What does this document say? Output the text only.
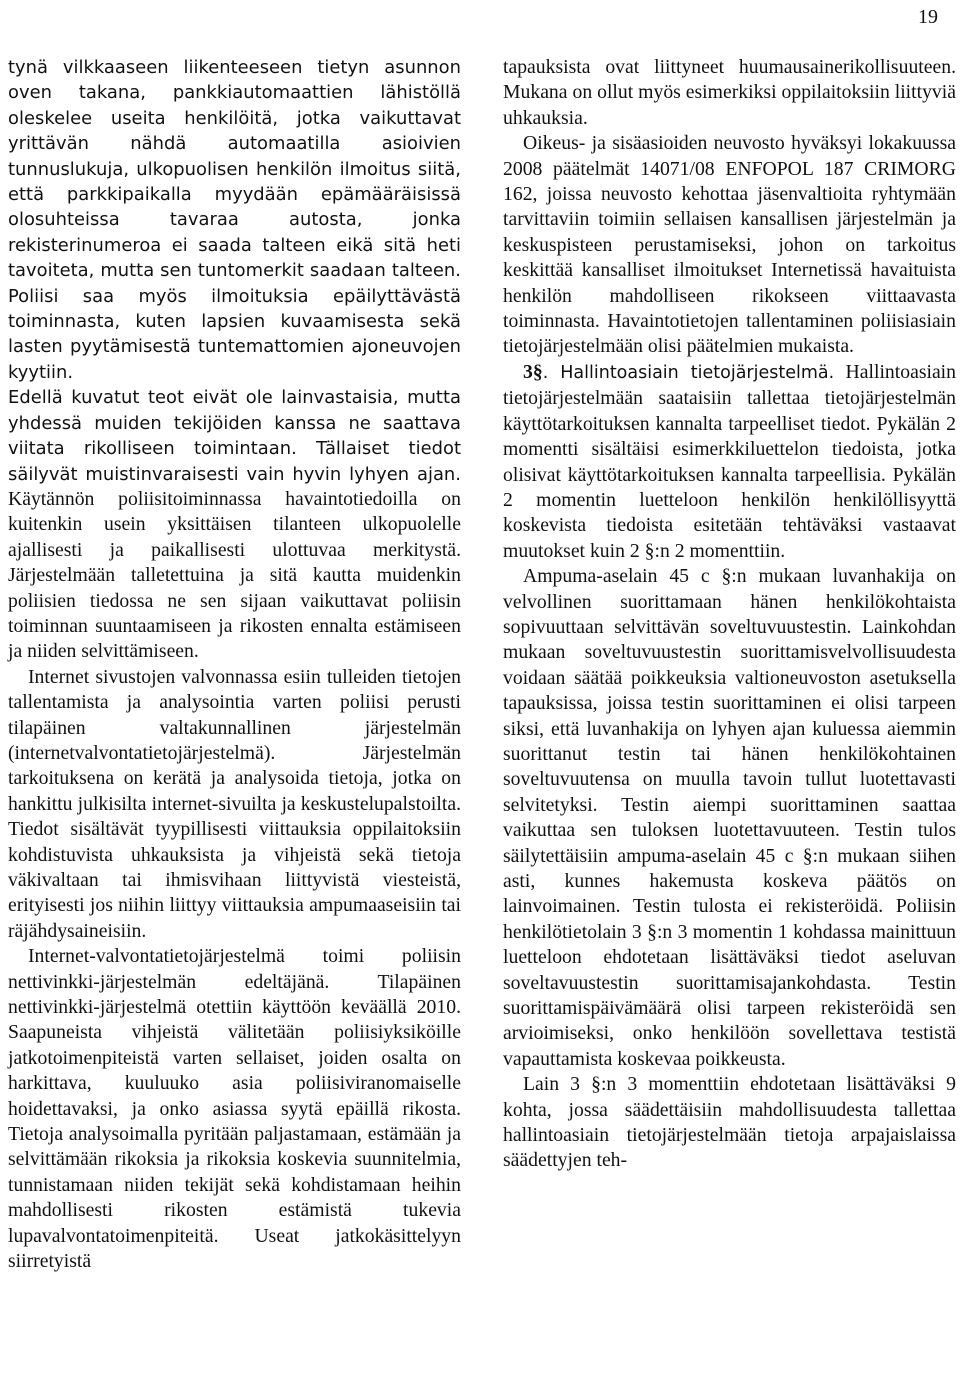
19

tynä vilkkaaseen liikenteeseen tietyn asunnon oven takana, pankkiautomaattien lähistöllä oleskelee useita henkilöitä, jotka vaikuttavat yrittävän nähdä automaatilla asioivien tunnuslukuja, ulkopuolisen henkilön ilmoitus siitä, että parkkipaikalla myydään epämääräisissä olosuhteissa tavaraa autosta, jonka rekisterinumeroa ei saada talteen eikä sitä heti tavoiteta, mutta sen tuntomerkit saadaan talteen. Poliisi saa myös ilmoituksia epäilyttävästä toiminnasta, kuten lapsien kuvaamisesta sekä lasten pyytämisestä tuntemattomien ajoneuvojen kyytiin.

Edellä kuvatut teot eivät ole lainvastaisia, mutta yhdessä muiden tekijöiden kanssa ne saattava viitata rikolliseen toimintaan. Tällaiset tiedot säilyvät muistinvaraisesti vain hyvin lyhyen ajan. Käytännön poliisitoiminnassa havaintotiedoilla on kuitenkin usein yksittäisen tilanteen ulkopuolelle ajallisesti ja paikallisesti ulottuvaa merkitystä. Järjestelmään talletettuina ja sitä kautta muidenkin poliisien tiedossa ne sen sijaan vaikuttavat poliisin toiminnan suuntaamiseen ja rikosten ennalta estämiseen ja niiden selvittämiseen.

Internet sivustojen valvonnassa esiin tulleiden tietojen tallentamista ja analysointia varten poliisi perusti tilapäinen valtakunnallinen järjestelmän (internetvalvontatietojärjestelmä). Järjestelmän tarkoituksena on kerätä ja analysoida tietoja, jotka on hankittu julkisilta internet-sivuilta ja keskustelupalstoilta. Tiedot sisältävät tyypillisesti viittauksia oppilaitoksiin kohdistuvista uhkauksista ja vihjeistä sekä tietoja väkivaltaan tai ihmisvihaan liittyvistä viesteistä, erityisesti jos niihin liittyy viittauksia ampumaaseisiin tai räjähdysaineisiin.

Internet-valvontatietojärjestelmä toimi poliisin nettivinkki-järjestelmän edeltäjänä. Tilapäinen nettivinkki-järjestelmä otettiin käyttöön keväällä 2010. Saapuneista vihjeistä välitetään poliisiyksiköille jatkotoimenpiteistä varten sellaiset, joiden osalta on harkittava, kuuluuko asia poliisiviranomaiselle hoidettavaksi, ja onko asiassa syytä epäillä rikosta. Tietoja analysoimalla pyritään paljastamaan, estämään ja selvittämään rikoksia ja rikoksia koskevia suunnitelmia, tunnistamaan niiden tekijät sekä kohdistamaan heihin mahdollisesti rikosten estämistä tukevia lupavalvontatoimenpiteitä. Useat jatkokäsittelyyn siirretyistä

tapauksista ovat liittyneet huumausainerikollisuuteen. Mukana on ollut myös esimerkiksi oppilaitoksiin liittyviä uhkauksia.

Oikeus- ja sisäasioiden neuvosto hyväksyi lokakuussa 2008 päätelmät 14071/08 ENFOPOL 187 CRIMORG 162, joissa neuvosto kehottaa jäsenvaltioita ryhtymään tarvittaviin toimiin sellaisen kansallisen järjestelmän ja keskuspisteen perustamiseksi, johon on tarkoitus keskittää kansalliset ilmoitukset Internetissä havaituista henkilön mahdolliseen rikokseen viittaavasta toiminnasta. Havaintotietojen tallentaminen poliisiasiain tietojärjestelmään olisi päätelmien mukaista.

3§. Hallintoasiain tietojärjestelmä. Hallintoasiain tietojärjestelmään saataisiin tallettaa tietojärjestelmän käyttötarkoituksen kannalta tarpeelliset tiedot. Pykälän 2 momentti sisältäisi esimerkkiluettelon tiedoista, jotka olisivat käyttötarkoituksen kannalta tarpeellisia. Pykälän 2 momentin luetteloon henkilön henkilöllisyyttä koskevista tiedoista esitetään tehtäväksi vastaavat muutokset kuin 2 §:n 2 momenttiin.

Ampuma-aselain 45 c §:n mukaan luvanhakija on velvollinen suorittamaan hänen henkilökohtaista sopivuuttaan selvittävän soveltuvuustestin. Lainkohdan mukaan soveltuvuustestin suorittamisvelvollisuudesta voidaan säätää poikkeuksia valtioneuvoston asetuksella tapauksissa, joissa testin suorittaminen ei olisi tarpeen siksi, että luvanhakija on lyhyen ajan kuluessa aiemmin suorittanut testin tai hänen henkilökohtainen soveltuvuutensa on muulla tavoin tullut luotettavasti selvitetyksi. Testin aiempi suorittaminen saattaa vaikuttaa sen tuloksen luotettavuuteen. Testin tulos säilytettäisiin ampuma-aselain 45 c §:n mukaan siihen asti, kunnes hakemusta koskeva päätös on lainvoimainen. Testin tulosta ei rekisteröidä. Poliisin henkilötietolain 3 §:n 3 momentin 1 kohdassa mainittuun luetteloon ehdotetaan lisättäväksi tiedot aseluvan soveltavuustestin suorittamisajankohdasta. Testin suorittamispäivämäärä olisi tarpeen rekisteröidä sen arvioimiseksi, onko henkilöön sovellettava testistä vapauttamista koskevaa poikkeusta.

Lain 3 §:n 3 momenttiin ehdotetaan lisättäväksi 9 kohta, jossa säädettäisiin mahdollisuudesta tallettaa hallintoasiain tietojärjestelmään tietoja arpajaislaissa säädettyjen teh-
